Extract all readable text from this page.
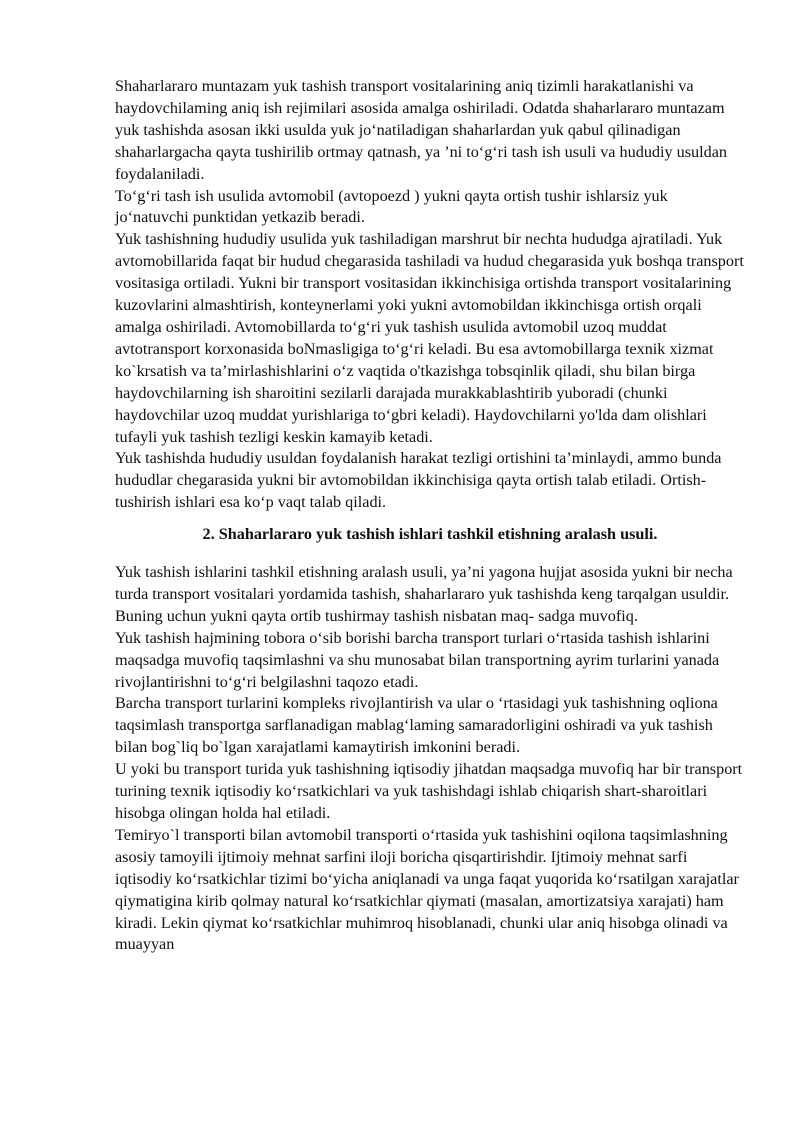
Shaharlararo muntazam yuk tashish transport vositalarining aniq tizimli harakatlanishi va haydovchilaming aniq ish rejimilari asosida amalga oshiriladi. Odatda shaharlararo muntazam yuk tashishda asosan ikki usulda yuk jo‘natiladigan shaharlardan yuk qabul qilinadigan shaharlargacha qayta tushirilib ortmay qatnash, ya ’ni to‘g‘ri tash ish usuli va hududiy usuldan foydalaniladi.

To‘g‘ri tash ish usulida avtomobil (avtopoezd ) yukni qayta ortish tushir ishlarsiz yuk jo‘natuvchi punktidan yetkazib beradi.

Yuk tashishning hududiy usulida yuk tashiladigan marshrut bir nechta hududga ajratiladi. Yuk avtomobillarida faqat bir hudud chegarasida tashiladi va hudud chegarasida yuk boshqa transport vositasiga ortiladi. Yukni bir transport vositasidan ikkinchisiga ortishda transport vositalarining kuzovlarini almashtirish, konteynerlami yoki yukni avtomobildan ikkinchisga ortish orqali amalga oshiriladi. Avtomobillarda to‘g‘ri yuk tashish usulida avtomobil uzoq muddat avtotransport korxonasida boNmasligiga to‘g‘ri keladi. Bu esa avtomobillarga texnik xizmat ko`krsatish va ta’mirlashishlarini o‘z vaqtida o'tkazishga tobsqinlik qiladi, shu bilan birga haydovchilarning ish sharoitini sezilarli darajada murakkablashtirib yuboradi (chunki haydovchilar uzoq muddat yurishlariga to‘gbri keladi). Haydovchilarni yo'lda dam olishlari tufayli yuk tashish tezligi keskin kamayib ketadi.

Yuk tashishda hududiy usuldan foydalanish harakat tezligi ortishini ta’minlaydi, ammo bunda hududlar chegarasida yukni bir avtomobildan ikkinchisiga qayta ortish talab etiladi. Ortish-tushirish ishlari esa ko‘p vaqt talab qiladi.

2. Shaharlararo yuk tashish ishlari tashkil etishning aralash usuli.

Yuk tashish ishlarini tashkil etishning aralash usuli, ya’ni yagona hujjat asosida yukni bir necha turda transport vositalari yordamida tashish, shaharlararo yuk tashishda keng tarqalgan usuldir. Buning uchun yukni qayta ortib tushirmay tashish nisbatan maq- sadga muvofiq.

Yuk tashish hajmining tobora o‘sib borishi barcha transport turlari o‘rtasida tashish ishlarini maqsadga muvofiq taqsimlashni va shu munosabat bilan transportning ayrim turlarini yanada rivojlantirishni to‘g‘ri belgilashni taqozo etadi.

Barcha transport turlarini kompleks rivojlantirish va ular o ‘rtasidagi yuk tashishning oqliona taqsimlash transportga sarflanadigan mablag‘laming samaradorligini oshiradi va yuk tashish bilan bog`liq bo`lgan xarajatlami kamaytirish imkonini beradi.

U yoki bu transport turida yuk tashishning iqtisodiy jihatdan maqsadga muvofiq har bir transport turining texnik iqtisodiy ko‘rsatkichlari va yuk tashishdagi ishlab chiqarish shart-sharoitlari hisobga olingan holda hal etiladi.

Temiryo`l transporti bilan avtomobil transporti o‘rtasida yuk tashishini oqilona taqsimlashning asosiy tamoyili ijtimoiy mehnat sarfini iloji boricha qisqartirishdir. Ijtimoiy mehnat sarfi iqtisodiy ko‘rsatkichlar tizimi bo‘yicha aniqlanadi va unga faqat yuqorida ko‘rsatilgan xarajatlar qiymatigina kirib qolmay natural ko‘rsatkichlar qiymati (masalan, amortizatsiya xarajati) ham kiradi. Lekin qiymat ko‘rsatkichlar muhimroq hisoblanadi, chunki ular aniq hisobga olinadi va muayyan
